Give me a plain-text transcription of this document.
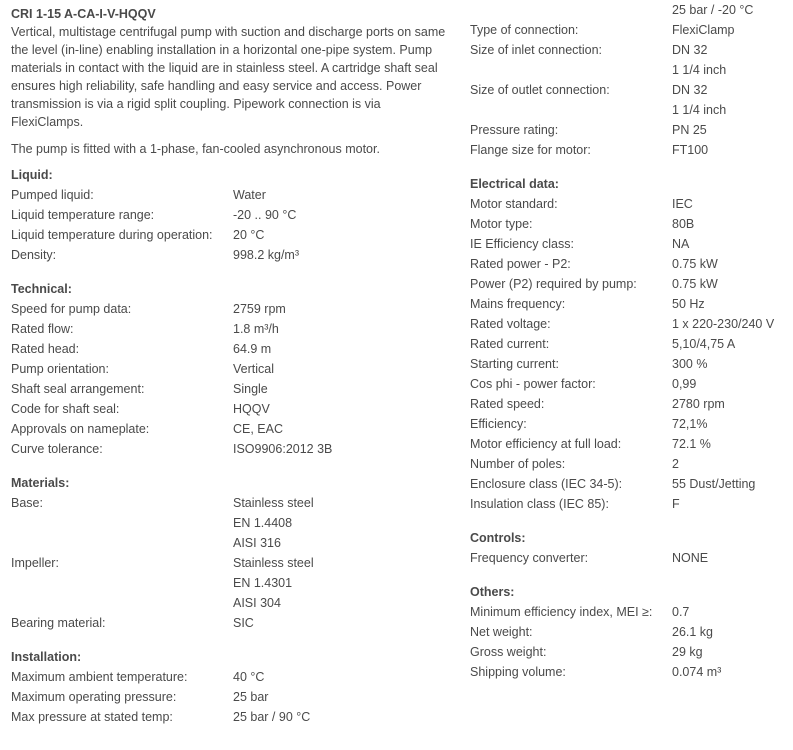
CRI 1-15 A-CA-I-V-HQQV

Vertical, multistage centrifugal pump with suction and discharge ports on same the level (in-line) enabling installation in a horizontal one-pipe system. Pump materials in contact with the liquid are in stainless steel. A cartridge shaft seal ensures high reliability, safe handling and easy service and access. Power transmission is via a rigid split coupling. Pipework connection is via FlexiClamps.

The pump is fitted with a 1-phase, fan-cooled asynchronous motor.
Liquid:
Pumped liquid:	Water
Liquid temperature range:	-20 .. 90 °C
Liquid temperature during operation:	20 °C
Density:	998.2 kg/m³
Technical:
Speed for pump data:	2759 rpm
Rated flow:	1.8 m³/h
Rated head:	64.9 m
Pump orientation:	Vertical
Shaft seal arrangement:	Single
Code for shaft seal:	HQQV
Approvals on nameplate:	CE, EAC
Curve tolerance:	ISO9906:2012 3B
Materials:
Base:	Stainless steel
EN 1.4408
AISI 316
Impeller:	Stainless steel
EN 1.4301
AISI 304
Bearing material:	SIC
Installation:
Maximum ambient temperature:	40 °C
Maximum operating pressure:	25 bar
Max pressure at stated temp:	25 bar / 90 °C
25 bar / -20 °C
Type of connection:	FlexiClamp
Size of inlet connection:	DN 32
1 1/4 inch
Size of outlet connection:	DN 32
1 1/4 inch
Pressure rating:	PN 25
Flange size for motor:	FT100
Electrical data:
Motor standard:	IEC
Motor type:	80B
IE Efficiency class:	NA
Rated power - P2:	0.75 kW
Power (P2) required by pump:	0.75 kW
Mains frequency:	50 Hz
Rated voltage:	1 x 220-230/240 V
Rated current:	5,10/4,75 A
Starting current:	300 %
Cos phi - power factor:	0,99
Rated speed:	2780 rpm
Efficiency:	72,1%
Motor efficiency at full load:	72.1 %
Number of poles:	2
Enclosure class (IEC 34-5):	55 Dust/Jetting
Insulation class (IEC 85):	F
Controls:
Frequency converter:	NONE
Others:
Minimum efficiency index, MEI ≥:	0.7
Net weight:	26.1 kg
Gross weight:	29 kg
Shipping volume:	0.074 m³
